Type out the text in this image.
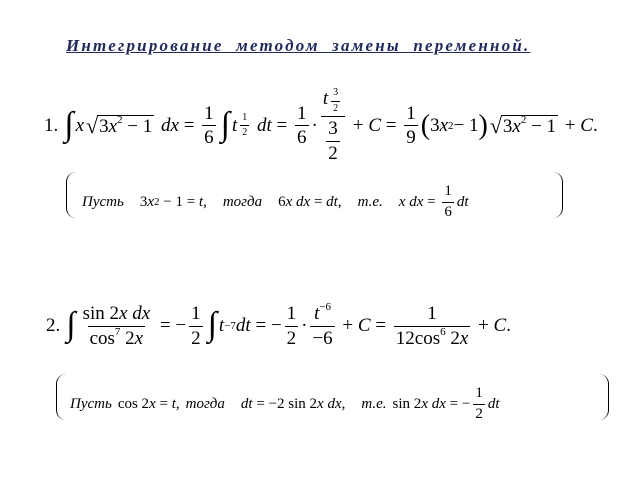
Интегрирование методом замены переменной.
1. ∫ x √ $3x^2 - 1$ dx = $\frac{1}{6}$ ∫ t $\frac{1}{2}$ dt = $\frac{1}{6} \cdot t$ $^{\frac{3}{2}}$
$\frac{3}{2} + C = \frac{1}{9}$ ( 3 x 2 − 1 ) √ $3x^2 - 1 + C$ .
Пусть 3 x 2 − 1 = t , тогда 6 x
dx = dt , т.е. x
dx = $\frac{1}{6}$ dt
2. ∫ $\frac{\text{sin 2x dx}}{\cos^7 2x}$ = − $\frac{1}{2}$ ∫ t −7 dt = − $\frac{1}{2} \cdot \frac{t^{-6}}{-6} + C = \frac{1}{12\cos^6 2x} + C$ .
Пусть cos 2 x = t , тогда dt = −2 sin 2 x
dx , т.е. sin 2 x
dx = − $\frac{1}{2}$ dt
